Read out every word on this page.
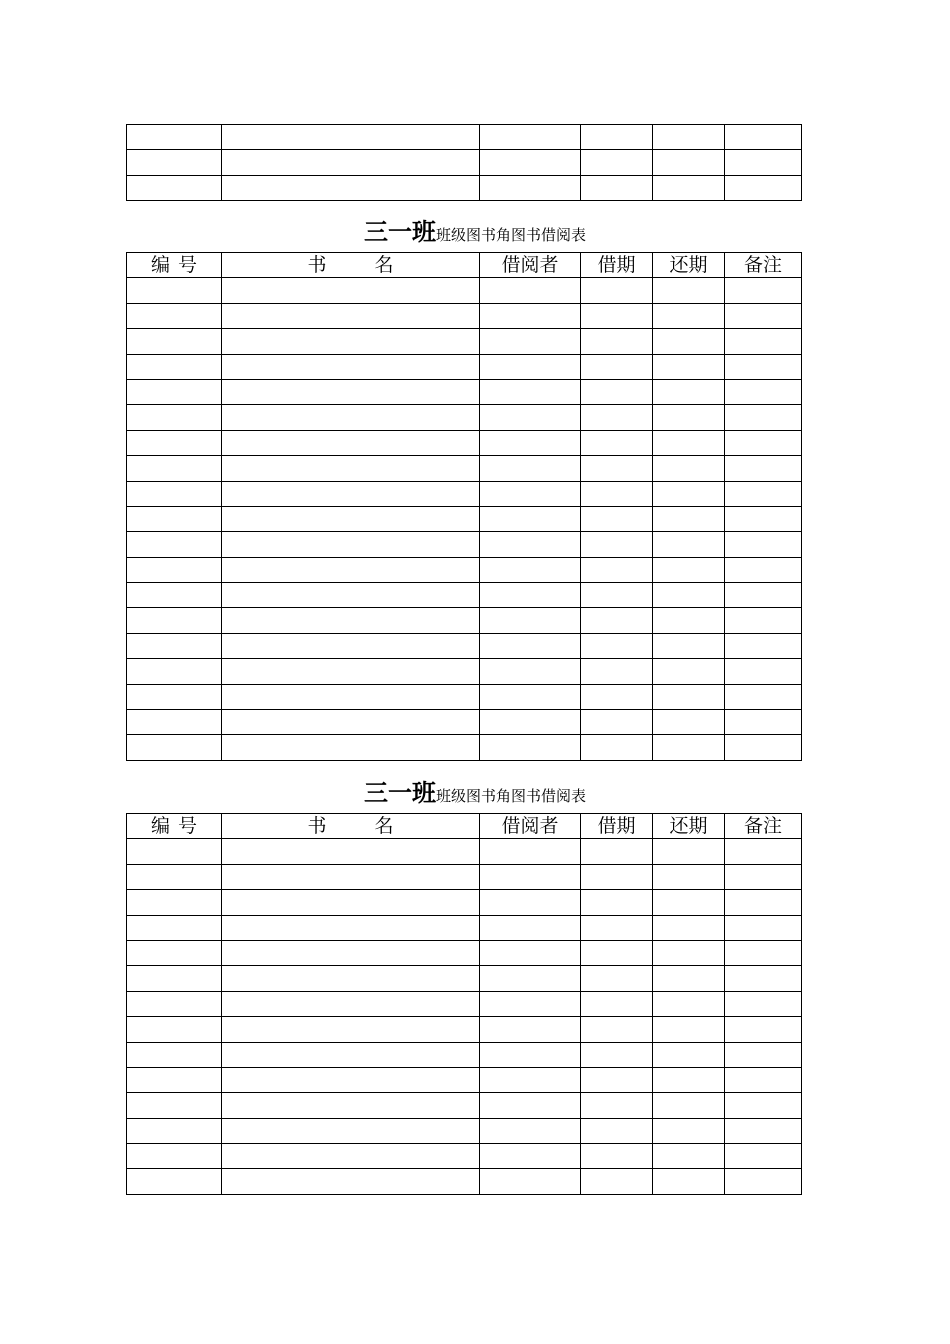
三一班班级图书角图书借阅表
编 号	书 名	借阅者	借期	还期	备注

三一班班级图书角图书借阅表
编 号	书 名	借阅者	借期	还期	备注
